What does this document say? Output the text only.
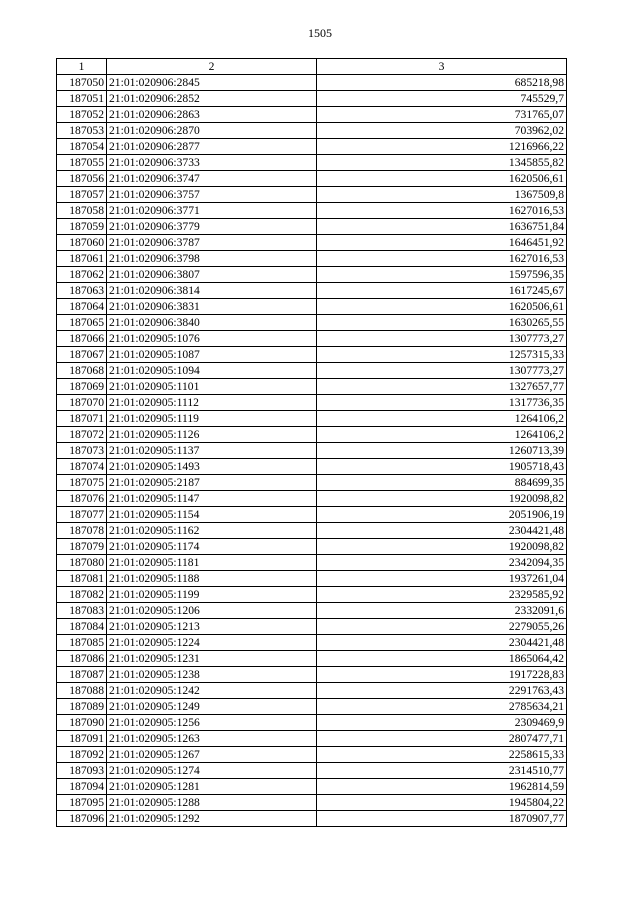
1505
1	2	3
187050	21:01:020906:2845	685218,98
187051	21:01:020906:2852	745529,7
187052	21:01:020906:2863	731765,07
187053	21:01:020906:2870	703962,02
187054	21:01:020906:2877	1216966,22
187055	21:01:020906:3733	1345855,82
187056	21:01:020906:3747	1620506,61
187057	21:01:020906:3757	1367509,8
187058	21:01:020906:3771	1627016,53
187059	21:01:020906:3779	1636751,84
187060	21:01:020906:3787	1646451,92
187061	21:01:020906:3798	1627016,53
187062	21:01:020906:3807	1597596,35
187063	21:01:020906:3814	1617245,67
187064	21:01:020906:3831	1620506,61
187065	21:01:020906:3840	1630265,55
187066	21:01:020905:1076	1307773,27
187067	21:01:020905:1087	1257315,33
187068	21:01:020905:1094	1307773,27
187069	21:01:020905:1101	1327657,77
187070	21:01:020905:1112	1317736,35
187071	21:01:020905:1119	1264106,2
187072	21:01:020905:1126	1264106,2
187073	21:01:020905:1137	1260713,39
187074	21:01:020905:1493	1905718,43
187075	21:01:020905:2187	884699,35
187076	21:01:020905:1147	1920098,82
187077	21:01:020905:1154	2051906,19
187078	21:01:020905:1162	2304421,48
187079	21:01:020905:1174	1920098,82
187080	21:01:020905:1181	2342094,35
187081	21:01:020905:1188	1937261,04
187082	21:01:020905:1199	2329585,92
187083	21:01:020905:1206	2332091,6
187084	21:01:020905:1213	2279055,26
187085	21:01:020905:1224	2304421,48
187086	21:01:020905:1231	1865064,42
187087	21:01:020905:1238	1917228,83
187088	21:01:020905:1242	2291763,43
187089	21:01:020905:1249	2785634,21
187090	21:01:020905:1256	2309469,9
187091	21:01:020905:1263	2807477,71
187092	21:01:020905:1267	2258615,33
187093	21:01:020905:1274	2314510,77
187094	21:01:020905:1281	1962814,59
187095	21:01:020905:1288	1945804,22
187096	21:01:020905:1292	1870907,77
